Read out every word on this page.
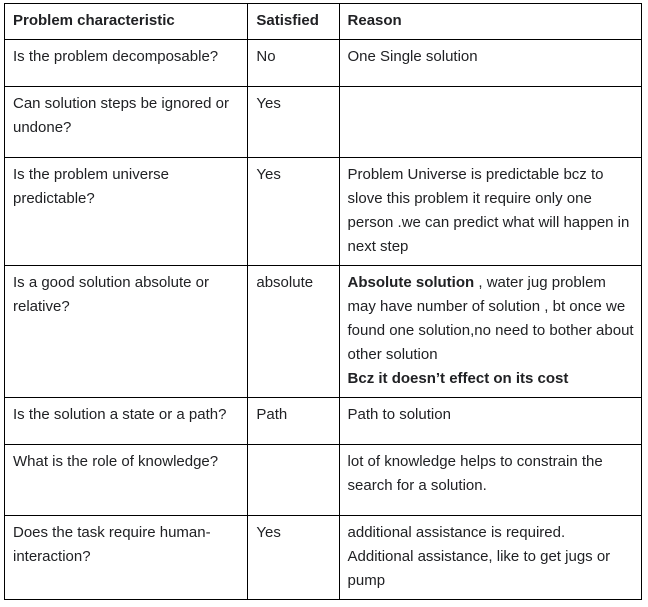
Problem characteristic	Satisfied	Reason
Is the problem decomposable?	No	One Single solution
Can solution steps be ignored or undone?	Yes	
Is the problem universe predictable?	Yes	Problem Universe is predictable bcz to slove this problem it require only one person .we can predict what will happen in next step
Is a good solution absolute or relative?	absolute	Absolute solution , water jug problem may have number of solution , bt once we found one solution,no need to bother about other solution
Bcz it doesn’t effect on its cost

Is the solution a state or a path?	Path	Path to solution
What is the role of knowledge?		lot of knowledge helps to constrain the search for a solution.
Does the task require human-interaction?	Yes	additional assistance is required. Additional assistance, like to get jugs or pump
